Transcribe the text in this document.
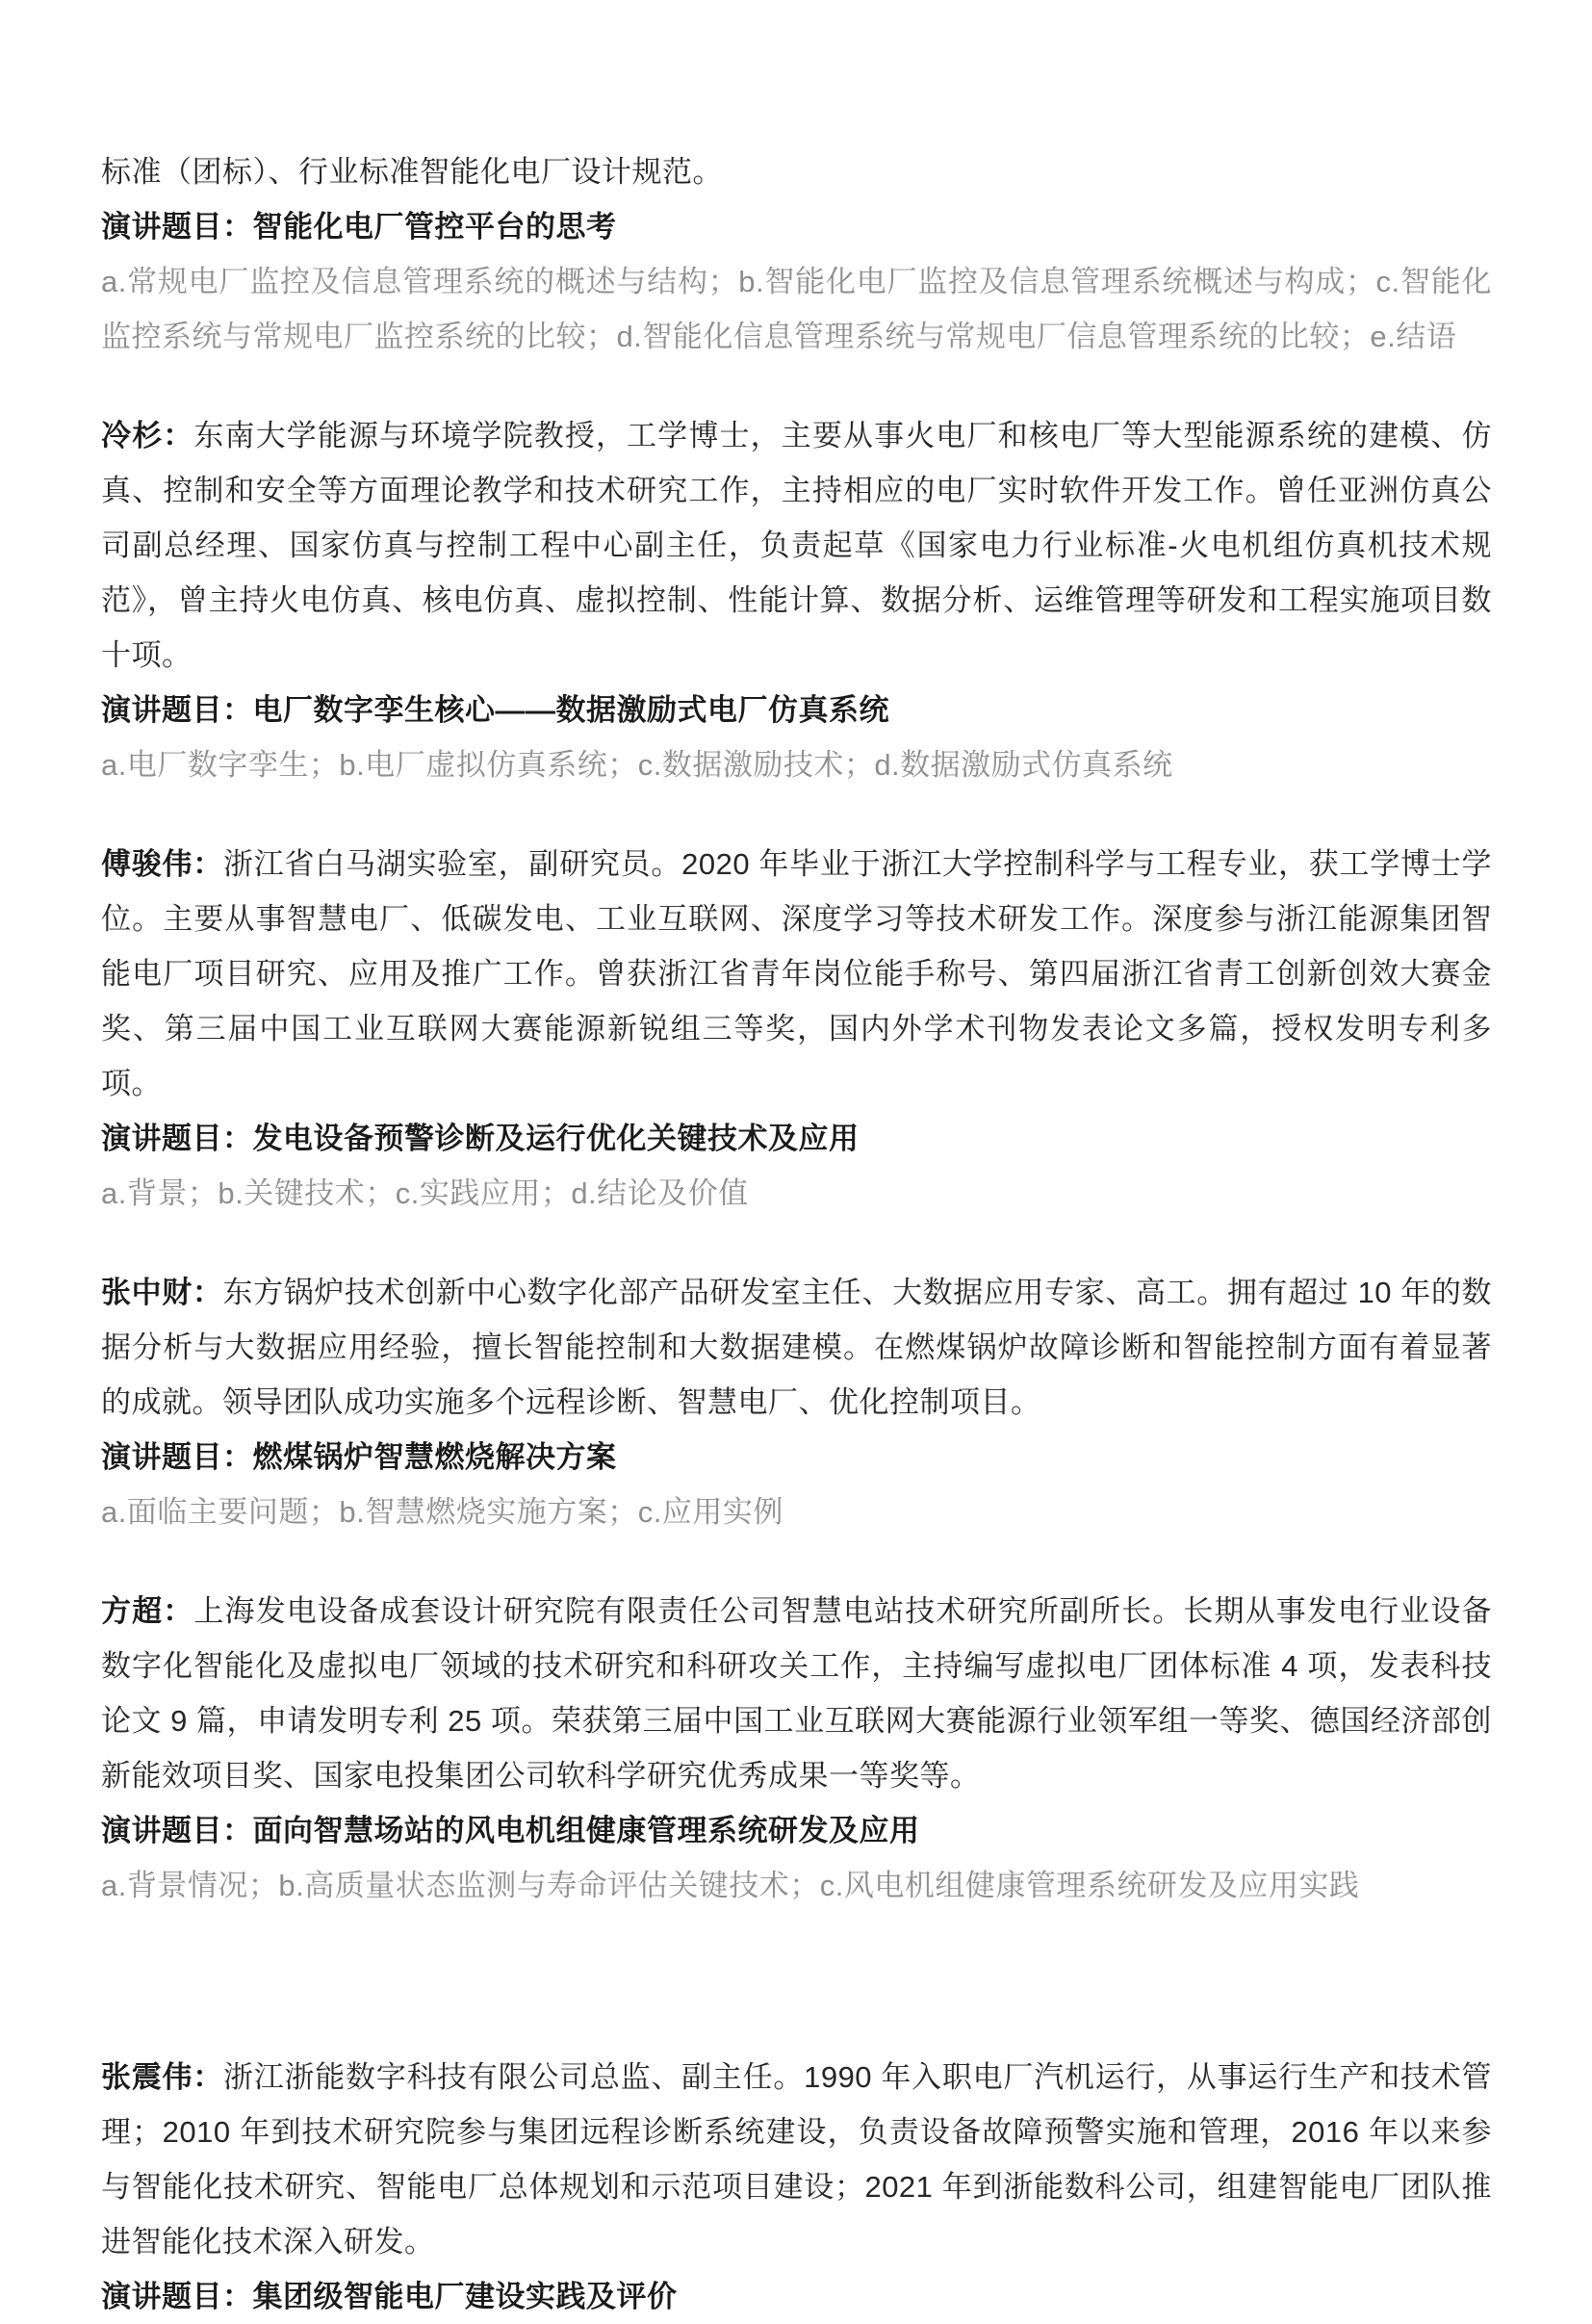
标准（团标）、行业标准智能化电厂设计规范。

演讲题目：智能化电厂管控平台的思考

a.常规电厂监控及信息管理系统的概述与结构；b.智能化电厂监控及信息管理系统概述与构成；c.智能化监控系统与常规电厂监控系统的比较；d.智能化信息管理系统与常规电厂信息管理系统的比较；e.结语

冷杉：东南大学能源与环境学院教授，工学博士，主要从事火电厂和核电厂等大型能源系统的建模、仿真、控制和安全等方面理论教学和技术研究工作，主持相应的电厂实时软件开发工作。曾任亚洲仿真公司副总经理、国家仿真与控制工程中心副主任，负责起草《国家电力行业标准-火电机组仿真机技术规范》，曾主持火电仿真、核电仿真、虚拟控制、性能计算、数据分析、运维管理等研发和工程实施项目数十项。

演讲题目：电厂数字孪生核心——数据激励式电厂仿真系统

a.电厂数字孪生；b.电厂虚拟仿真系统；c.数据激励技术；d.数据激励式仿真系统

傅骏伟：浙江省白马湖实验室，副研究员。2020 年毕业于浙江大学控制科学与工程专业，获工学博士学位。主要从事智慧电厂、低碳发电、工业互联网、深度学习等技术研发工作。深度参与浙江能源集团智能电厂项目研究、应用及推广工作。曾获浙江省青年岗位能手称号、第四届浙江省青工创新创效大赛金奖、第三届中国工业互联网大赛能源新锐组三等奖，国内外学术刊物发表论文多篇，授权发明专利多项。

演讲题目：发电设备预警诊断及运行优化关键技术及应用

a.背景；b.关键技术；c.实践应用；d.结论及价值

张中财：东方锅炉技术创新中心数字化部产品研发室主任、大数据应用专家、高工。拥有超过 10 年的数据分析与大数据应用经验，擅长智能控制和大数据建模。在燃煤锅炉故障诊断和智能控制方面有着显著的成就。领导团队成功实施多个远程诊断、智慧电厂、优化控制项目。

演讲题目：燃煤锅炉智慧燃烧解决方案

a.面临主要问题；b.智慧燃烧实施方案；c.应用实例

方超：上海发电设备成套设计研究院有限责任公司智慧电站技术研究所副所长。长期从事发电行业设备数字化智能化及虚拟电厂领域的技术研究和科研攻关工作，主持编写虚拟电厂团体标准 4 项，发表科技论文 9 篇，申请发明专利 25 项。荣获第三届中国工业互联网大赛能源行业领军组一等奖、德国经济部创新能效项目奖、国家电投集团公司软科学研究优秀成果一等奖等。

演讲题目：面向智慧场站的风电机组健康管理系统研发及应用

a.背景情况；b.高质量状态监测与寿命评估关键技术；c.风电机组健康管理系统研发及应用实践

张震伟：浙江浙能数字科技有限公司总监、副主任。1990 年入职电厂汽机运行，从事运行生产和技术管理；2010 年到技术研究院参与集团远程诊断系统建设，负责设备故障预警实施和管理，2016 年以来参与智能化技术研究、智能电厂总体规划和示范项目建设；2021 年到浙能数科公司，组建智能电厂团队推进智能化技术深入研发。

演讲题目：集团级智能电厂建设实践及评价
